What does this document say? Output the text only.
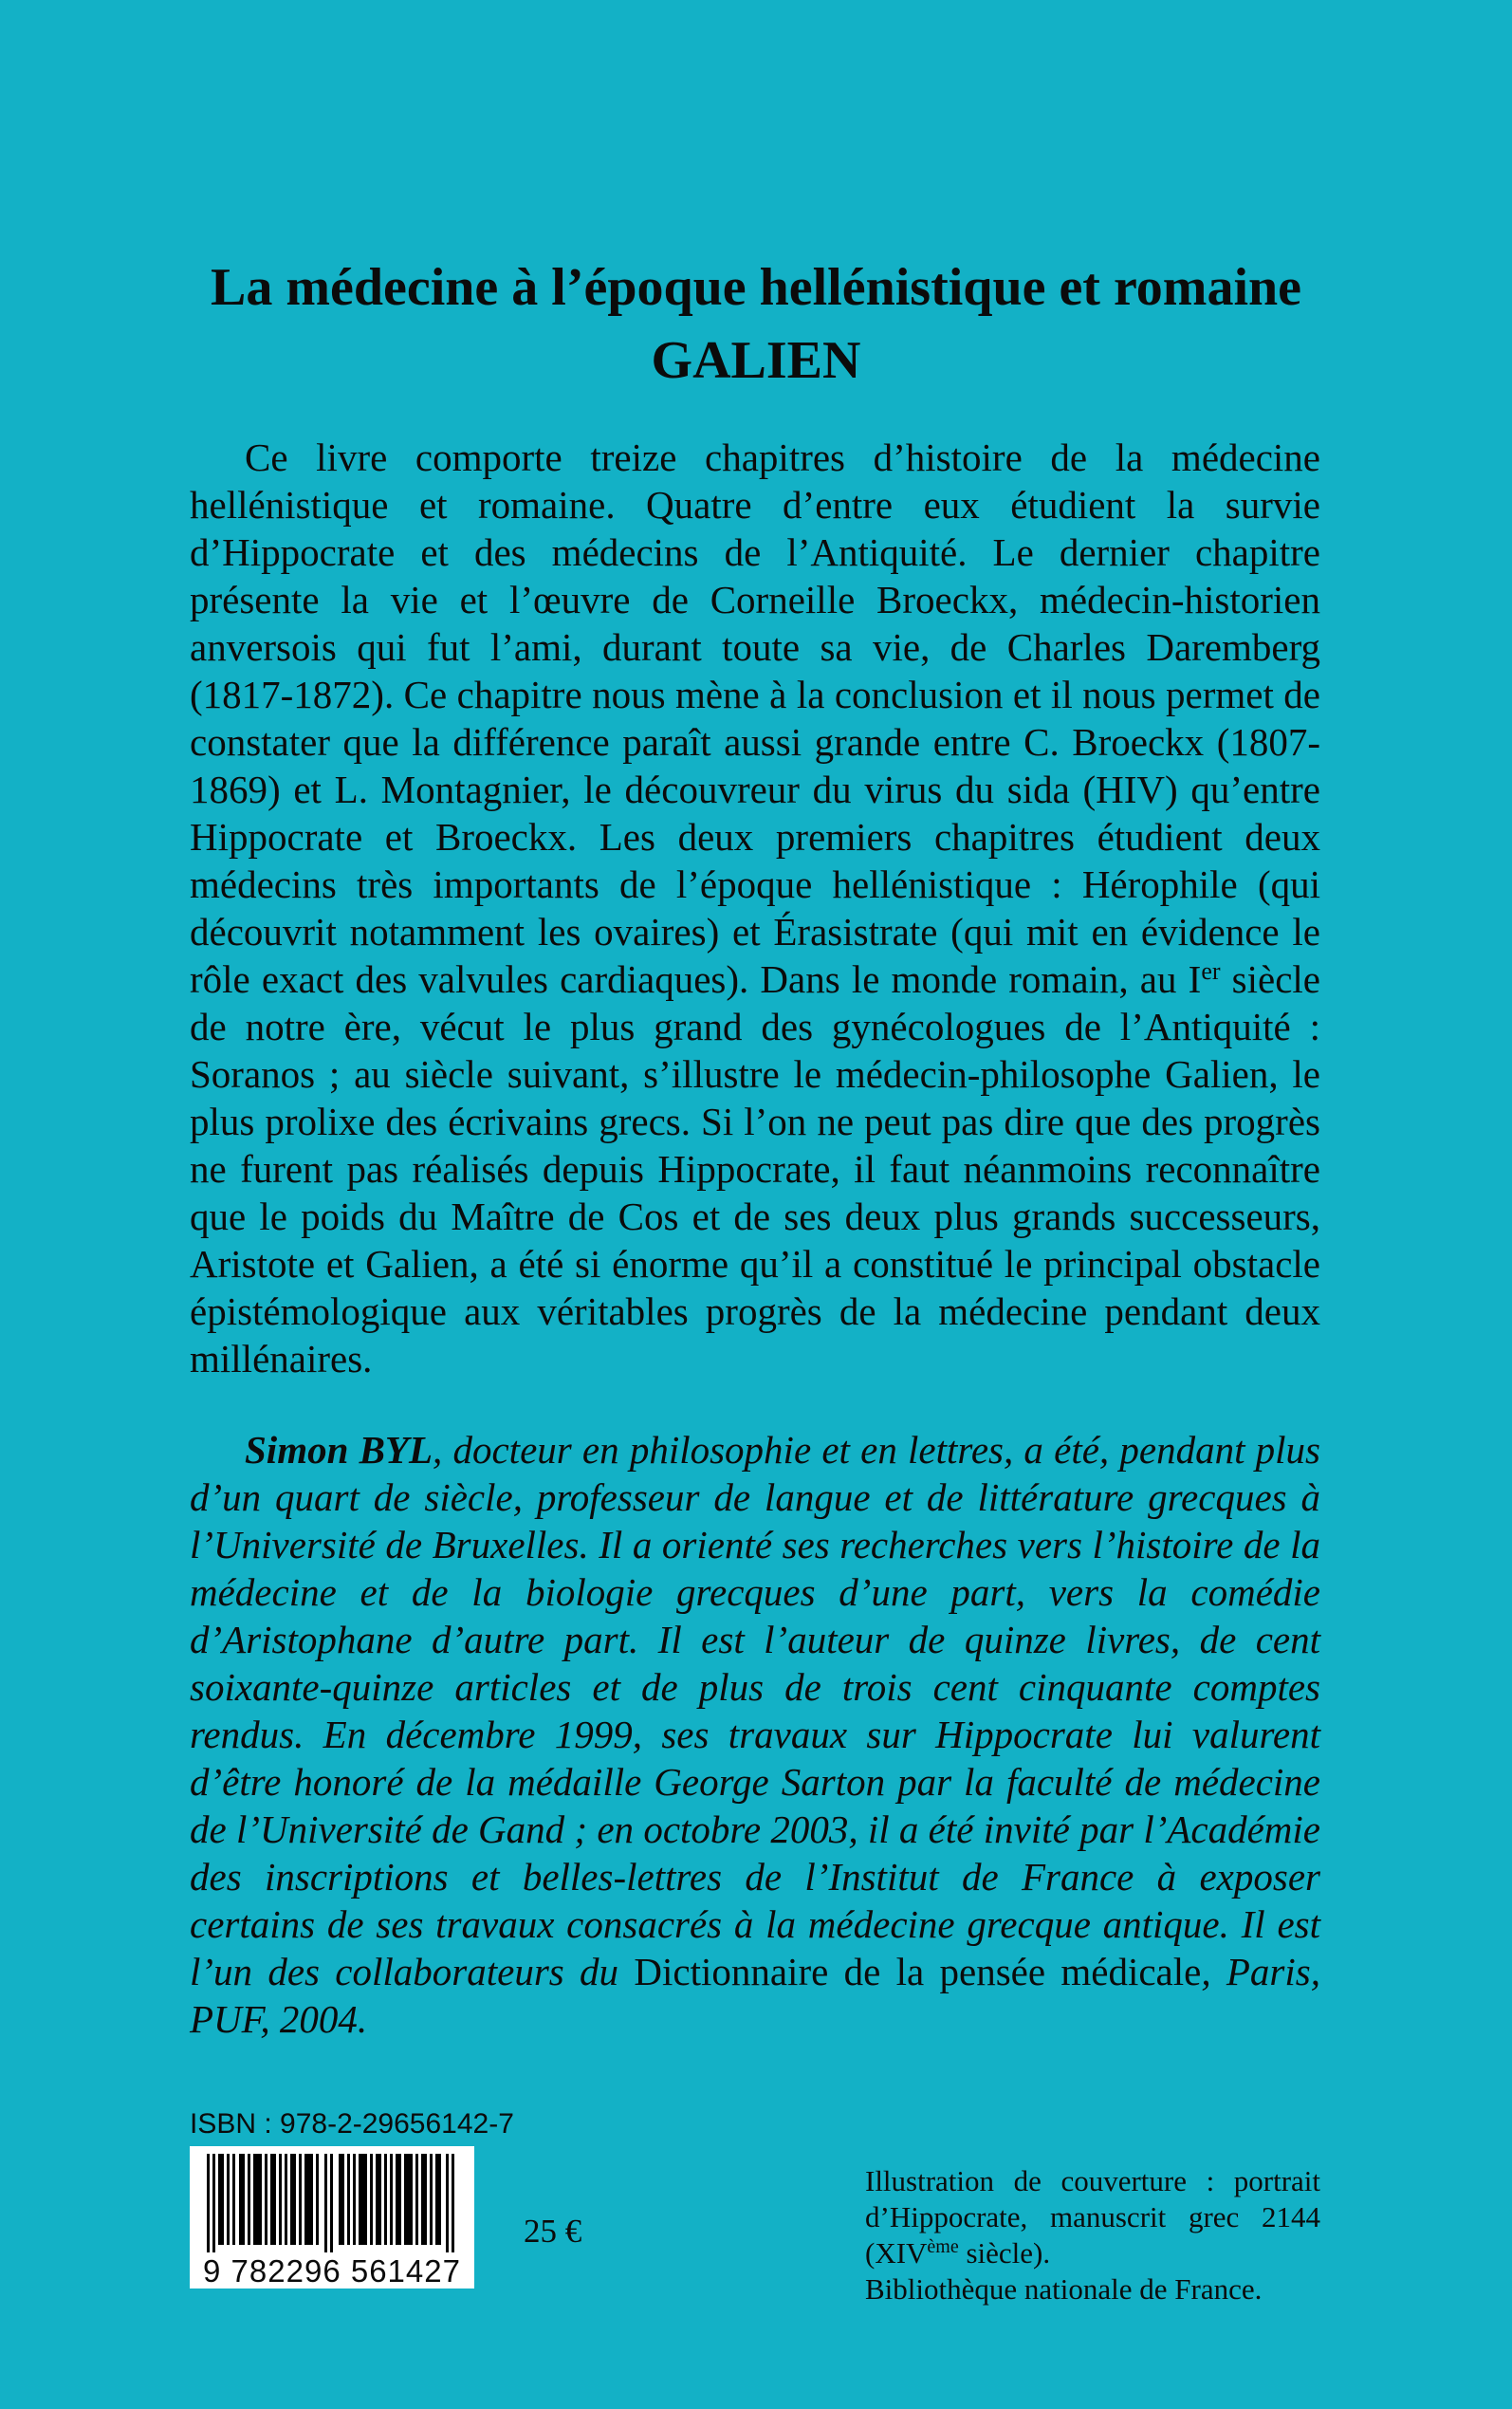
La médecine à l’époque hellénistique et romaine
GALIEN

Ce livre comporte treize chapitres d’histoire de la médecine hellénistique et romaine. Quatre d’entre eux étudient la survie d’Hippocrate et des médecins de l’Antiquité. Le dernier chapitre présente la vie et l’œuvre de Corneille Broeckx, médecin-historien anversois qui fut l’ami, durant toute sa vie, de Charles Daremberg (1817-1872). Ce chapitre nous mène à la conclusion et il nous permet de constater que la différence paraît aussi grande entre C. Broeckx (1807-1869) et L. Montagnier, le découvreur du virus du sida (HIV) qu’entre Hippocrate et Broeckx. Les deux premiers chapitres étudient deux médecins très importants de l’époque hellénistique : Hérophile (qui découvrit notamment les ovaires) et Érasistrate (qui mit en évidence le rôle exact des valvules cardiaques). Dans le monde romain, au Ier siècle de notre ère, vécut le plus grand des gynécologues de l’Antiquité : Soranos ; au siècle suivant, s’illustre le médecin-philosophe Galien, le plus prolixe des écrivains grecs. Si l’on ne peut pas dire que des progrès ne furent pas réalisés depuis Hippocrate, il faut néanmoins reconnaître que le poids du Maître de Cos et de ses deux plus grands successeurs, Aristote et Galien, a été si énorme qu’il a constitué le principal obstacle épistémologique aux véritables progrès de la médecine pendant deux millénaires.

Simon BYL, docteur en philosophie et en lettres, a été, pendant plus d’un quart de siècle, professeur de langue et de littérature grecques à l’Université de Bruxelles. Il a orienté ses recherches vers l’histoire de la médecine et de la biologie grecques d’une part, vers la comédie d’Aristophane d’autre part. Il est l’auteur de quinze livres, de cent soixante-quinze articles et de plus de trois cent cinquante comptes rendus. En décembre 1999, ses travaux sur Hippocrate lui valurent d’être honoré de la médaille George Sarton par la faculté de médecine de l’Université de Gand ; en octobre 2003, il a été invité par l’Académie des inscriptions et belles-lettres de l’Institut de France à exposer certains de ses travaux consacrés à la médecine grecque antique. Il est l’un des collaborateurs du Dictionnaire de la pensée médicale, Paris, PUF, 2004.

ISBN : 978-2-29656142-7

9 782296 561427

25 €

Illustration de couverture : portrait
d’Hippocrate, manuscrit grec 2144
(XIVème siècle).
Bibliothèque nationale de France.
